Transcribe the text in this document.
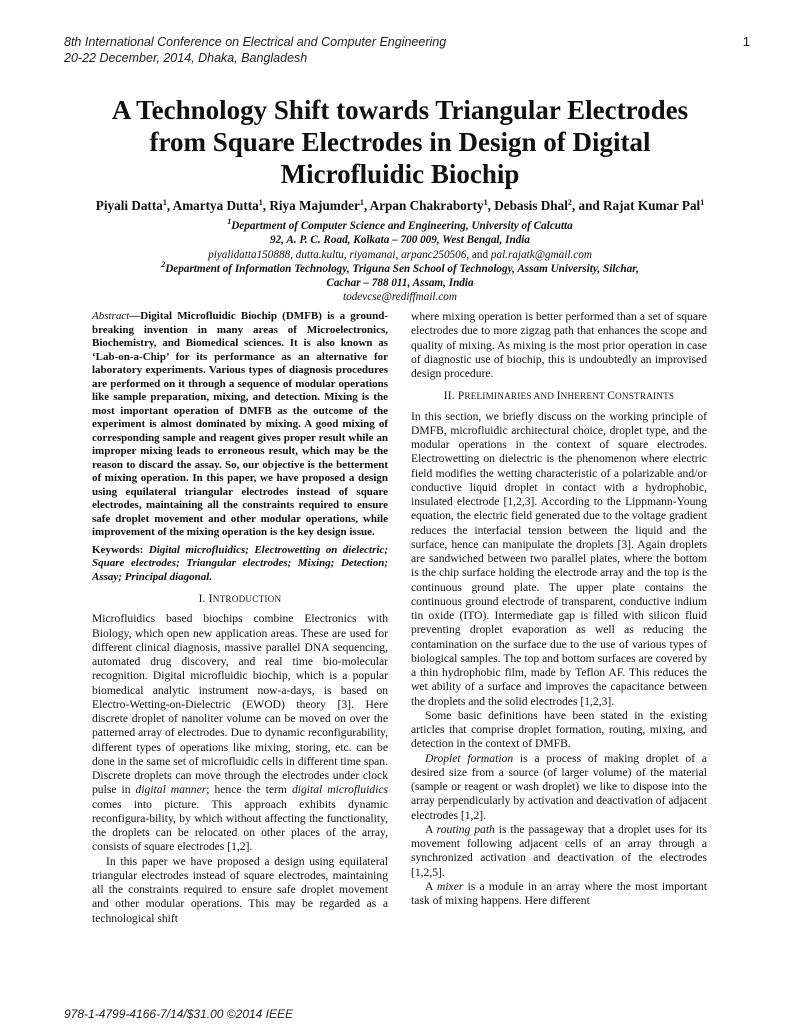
8th International Conference on Electrical and Computer Engineering
20-22 December, 2014, Dhaka, Bangladesh
1
A Technology Shift towards Triangular Electrodes
from Square Electrodes in Design of Digital
Microfluidic Biochip
Piyali Datta$^1$, Amartya Dutta$^1$, Riya Majumder$^1$, Arpan Chakraborty$^1$, Debasis Dhal$^2$, and Rajat Kumar Pal$^1$
$^1$Department of Computer Science and Engineering, University of Calcutta
92, A. P. C. Road, Kolkata – 700 009, West Bengal, India
piyalidatta150888, dutta.kultu, riyamanai, arpanc250506, and pal.rajatk@gmail.com
$^2$Department of Information Technology, Triguna Sen School of Technology, Assam University, Silchar,
Cachar – 788 011, Assam, India
todevcse@rediffmail.com

Abstract—Digital Microfluidic Biochip (DMFB) is a ground-breaking invention in many areas of Microelectronics, Biochemistry, and Biomedical sciences. It is also known as ‘Lab-on-a-Chip’ for its performance as an alternative for laboratory experiments. Various types of diagnosis procedures are performed on it through a sequence of modular operations like sample preparation, mixing, and detection. Mixing is the most important operation of DMFB as the outcome of the experiment is almost dominated by mixing. A good mixing of corresponding sample and reagent gives proper result while an improper mixing leads to erroneous result, which may be the reason to discard the assay. So, our objective is the betterment of mixing operation. In this paper, we have proposed a design using equilateral triangular electrodes instead of square electrodes, maintaining all the constraints required to ensure safe droplet movement and other modular operations, while improvement of the mixing operation is the key design issue.

Keywords: Digital microfluidics; Electrowetting on dielectric; Square electrodes; Triangular electrodes; Mixing; Detection; Assay; Principal diagonal.

I. INTRODUCTION

Microfluidics based biochips combine Electronics with Biology, which open new application areas. These are used for different clinical diagnosis, massive parallel DNA sequencing, automated drug discovery, and real time bio-molecular recognition. Digital microfluidic biochip, which is a popular biomedical analytic instrument now-a-days, is based on Electro-Wetting-on-Dielectric (EWOD) theory [3]. Here discrete droplet of nanoliter volume can be moved on over the patterned array of electrodes. Due to dynamic reconfigurability, different types of operations like mixing, storing, etc. can be done in the same set of microfluidic cells in different time span. Discrete droplets can move through the electrodes under clock pulse in digital manner; hence the term digital microfluidics comes into picture. This approach exhibits dynamic reconfigura-bility, by which without affecting the functionality, the droplets can be relocated on other places of the array, consists of square electrodes [1,2].

In this paper we have proposed a design using equilateral triangular electrodes instead of square electrodes, maintaining all the constraints required to ensure safe droplet movement and other modular operations. This may be regarded as a technological shift

where mixing operation is better performed than a set of square electrodes due to more zigzag path that enhances the scope and quality of mixing. As mixing is the most prior operation in case of diagnostic use of biochip, this is undoubtedly an improvised design procedure.

II. PRELIMINARIES AND INHERENT CONSTRAINTS

In this section, we briefly discuss on the working principle of DMFB, microfluidic architectural choice, droplet type, and the modular operations in the context of square electrodes. Electrowetting on dielectric is the phenomenon where electric field modifies the wetting characteristic of a polarizable and/or conductive liquid droplet in contact with a hydrophobic, insulated electrode [1,2,3]. According to the Lippmann-Young equation, the electric field generated due to the voltage gradient reduces the interfacial tension between the liquid and the surface, hence can manipulate the droplets [3]. Again droplets are sandwiched between two parallel plates, where the bottom is the chip surface holding the electrode array and the top is the continuous ground plate. The upper plate contains the continuous ground electrode of transparent, conductive indium tin oxide (ITO). Intermediate gap is filled with silicon fluid preventing droplet evaporation as well as reducing the contamination on the surface due to the use of various types of biological samples. The top and bottom surfaces are covered by a thin hydrophobic film, made by Teflon AF. This reduces the wet ability of a surface and improves the capacitance between the droplets and the solid electrodes [1,2,3].

Some basic definitions have been stated in the existing articles that comprise droplet formation, routing, mixing, and detection in the context of DMFB.

Droplet formation is a process of making droplet of a desired size from a source (of larger volume) of the material (sample or reagent or wash droplet) we like to dispose into the array perpendicularly by activation and deactivation of adjacent electrodes [1,2].

A routing path is the passageway that a droplet uses for its movement following adjacent cells of an array through a synchronized activation and deactivation of the electrodes [1,2,5].

A mixer is a module in an array where the most important task of mixing happens. Here different

978-1-4799-4166-7/14/$31.00 ©2014 IEEE
